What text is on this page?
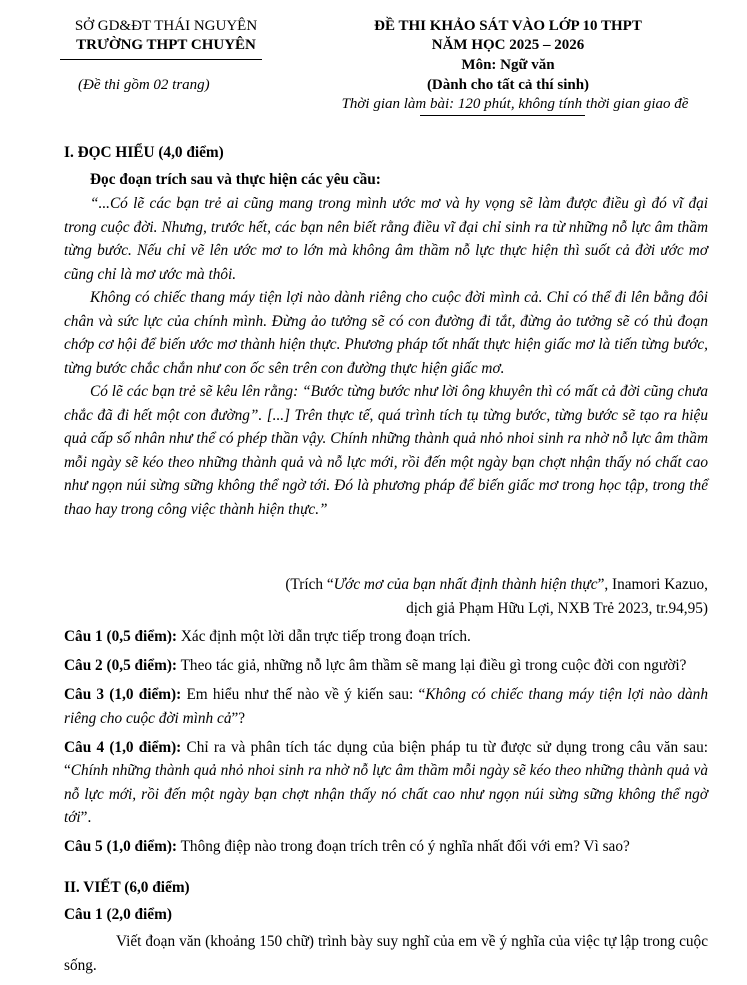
SỞ GD&ĐT THÁI NGUYÊN
TRƯỜNG THPT CHUYÊN
(Đề thi gồm 02 trang)
ĐỀ THI KHẢO SÁT VÀO LỚP 10 THPT
NĂM HỌC 2025 – 2026
Môn: Ngữ văn
(Dành cho tất cả thí sinh)
Thời gian làm bài: 120 phút, không tính thời gian giao đề
I. ĐỌC HIỂU (4,0 điểm)
Đọc đoạn trích sau và thực hiện các yêu cầu:

“...Có lẽ các bạn trẻ ai cũng mang trong mình ước mơ và hy vọng sẽ làm được điều gì đó vĩ đại trong cuộc đời. Nhưng, trước hết, các bạn nên biết rằng điều vĩ đại chỉ sinh ra từ những nỗ lực âm thầm từng bước. Nếu chỉ vẽ lên ước mơ to lớn mà không âm thầm nỗ lực thực hiện thì suốt cả đời ước mơ cũng chỉ là mơ ước mà thôi.

Không có chiếc thang máy tiện lợi nào dành riêng cho cuộc đời mình cả. Chỉ có thể đi lên bằng đôi chân và sức lực của chính mình. Đừng ảo tưởng sẽ có con đường đi tắt, đừng ảo tưởng sẽ có thủ đoạn chớp cơ hội để biến ước mơ thành hiện thực. Phương pháp tốt nhất thực hiện giấc mơ là tiến từng bước, từng bước chắc chắn như con ốc sên trên con đường thực hiện giấc mơ.

Có lẽ các bạn trẻ sẽ kêu lên rằng: “Bước từng bước như lời ông khuyên thì có mất cả đời cũng chưa chắc đã đi hết một con đường”. [...] Trên thực tế, quá trình tích tụ từng bước, từng bước sẽ tạo ra hiệu quả cấp số nhân như thể có phép thần vậy. Chính những thành quả nhỏ nhoi sinh ra nhờ nỗ lực âm thầm mỗi ngày sẽ kéo theo những thành quả và nỗ lực mới, rồi đến một ngày bạn chợt nhận thấy nó chất cao như ngọn núi sừng sững không thể ngờ tới. Đó là phương pháp để biến giấc mơ trong học tập, trong thể thao hay trong công việc thành hiện thực.”

(Trích “Ước mơ của bạn nhất định thành hiện thực”, Inamori Kazuo,
dịch giả Phạm Hữu Lợi, NXB Trẻ 2023, tr.94,95)

Câu 1 (0,5 điểm): Xác định một lời dẫn trực tiếp trong đoạn trích.

Câu 2 (0,5 điểm): Theo tác giả, những nỗ lực âm thầm sẽ mang lại điều gì trong cuộc đời con người?

Câu 3 (1,0 điểm): Em hiểu như thế nào về ý kiến sau: “Không có chiếc thang máy tiện lợi nào dành riêng cho cuộc đời mình cả”?

Câu 4 (1,0 điểm): Chỉ ra và phân tích tác dụng của biện pháp tu từ được sử dụng trong câu văn sau: “Chính những thành quả nhỏ nhoi sinh ra nhờ nỗ lực âm thầm mỗi ngày sẽ kéo theo những thành quả và nỗ lực mới, rồi đến một ngày bạn chợt nhận thấy nó chất cao như ngọn núi sừng sững không thể ngờ tới”.

Câu 5 (1,0 điểm): Thông điệp nào trong đoạn trích trên có ý nghĩa nhất đối với em? Vì sao?

II. VIẾT (6,0 điểm)
Câu 1 (2,0 điểm)
Viết đoạn văn (khoảng 150 chữ) trình bày suy nghĩ của em về ý nghĩa của việc tự lập trong cuộc sống.
